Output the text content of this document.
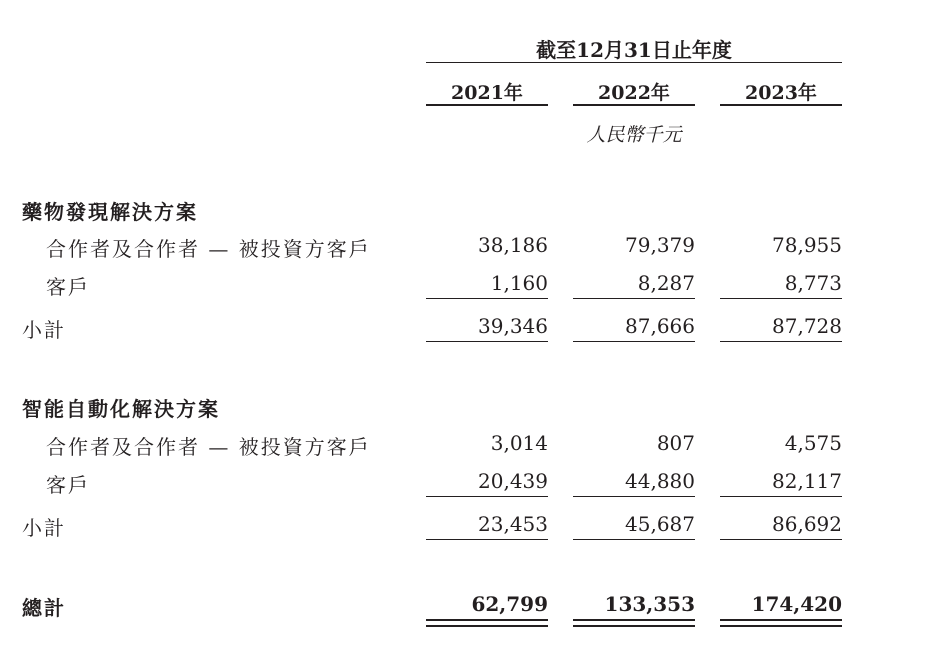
截至12月31日止年度
2021年	2022年	2023年
人民幣千元
藥物發現解決方案
合作者及合作者 — 被投資方客戶	38,186	79,379	78,955
客戶	1,160	8,287	8,773
小計	39,346	87,666	87,728
智能自動化解決方案
合作者及合作者 — 被投資方客戶	3,014	807	4,575
客戶	20,439	44,880	82,117
小計	23,453	45,687	86,692
總計	62,799	133,353	174,420
